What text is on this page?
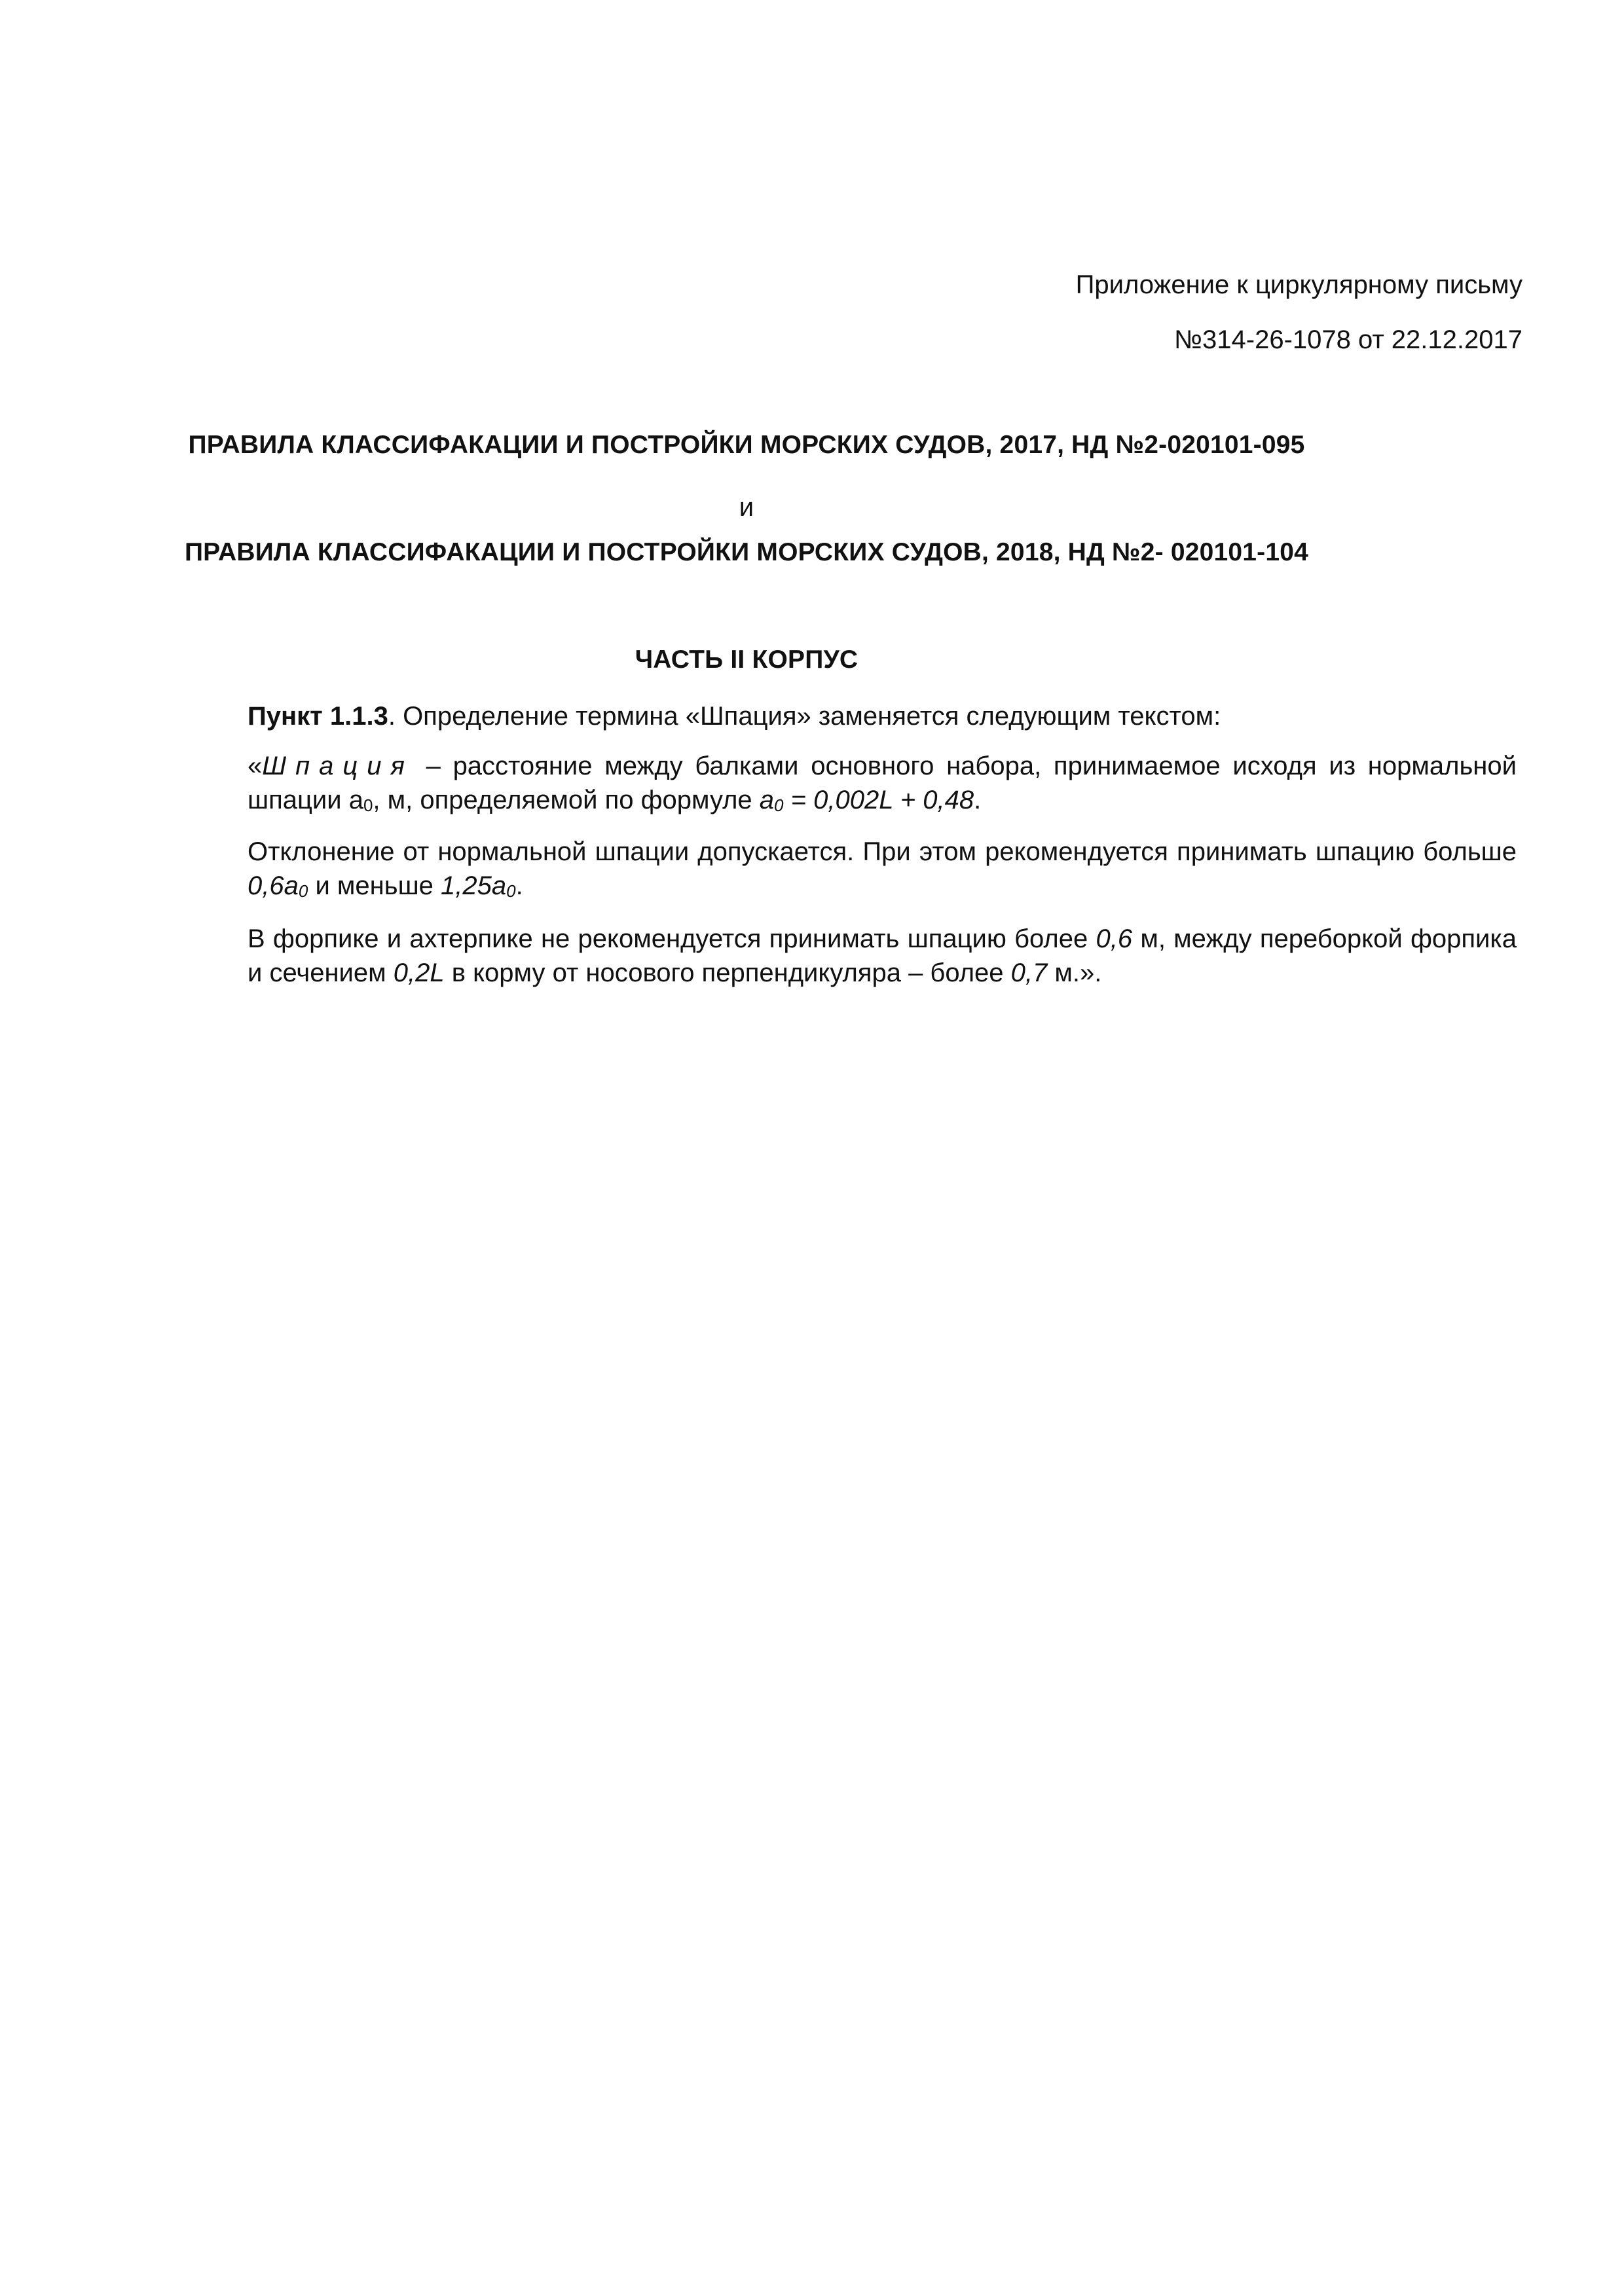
Приложение к циркулярному письму
№314-26-1078 от 22.12.2017
ПРАВИЛА КЛАССИФАКАЦИИ И ПОСТРОЙКИ МОРСКИХ СУДОВ, 2017, НД №2-020101-095
и
ПРАВИЛА КЛАССИФАКАЦИИ И ПОСТРОЙКИ МОРСКИХ СУДОВ, 2018, НД №2- 020101-104
ЧАСТЬ II КОРПУС
Пункт 1.1.3. Определение термина «Шпация» заменяется следующим текстом:
«Шпация – расстояние между балками основного набора, принимаемое исходя из нормальной
шпации $a_0$, м, определяемой по формуле $a_0 = 0,002L + 0,48$.
Отклонение от нормальной шпации допускается. При этом рекомендуется принимать шпацию больше
$0,6a_0$ и меньше $1,25a_0$.
В форпике и ахтерпике не рекомендуется принимать шпацию более 0,6 м, между переборкой форпика
и сечением 0,2L в корму от носового перпендикуляра – более 0,7 м.».
